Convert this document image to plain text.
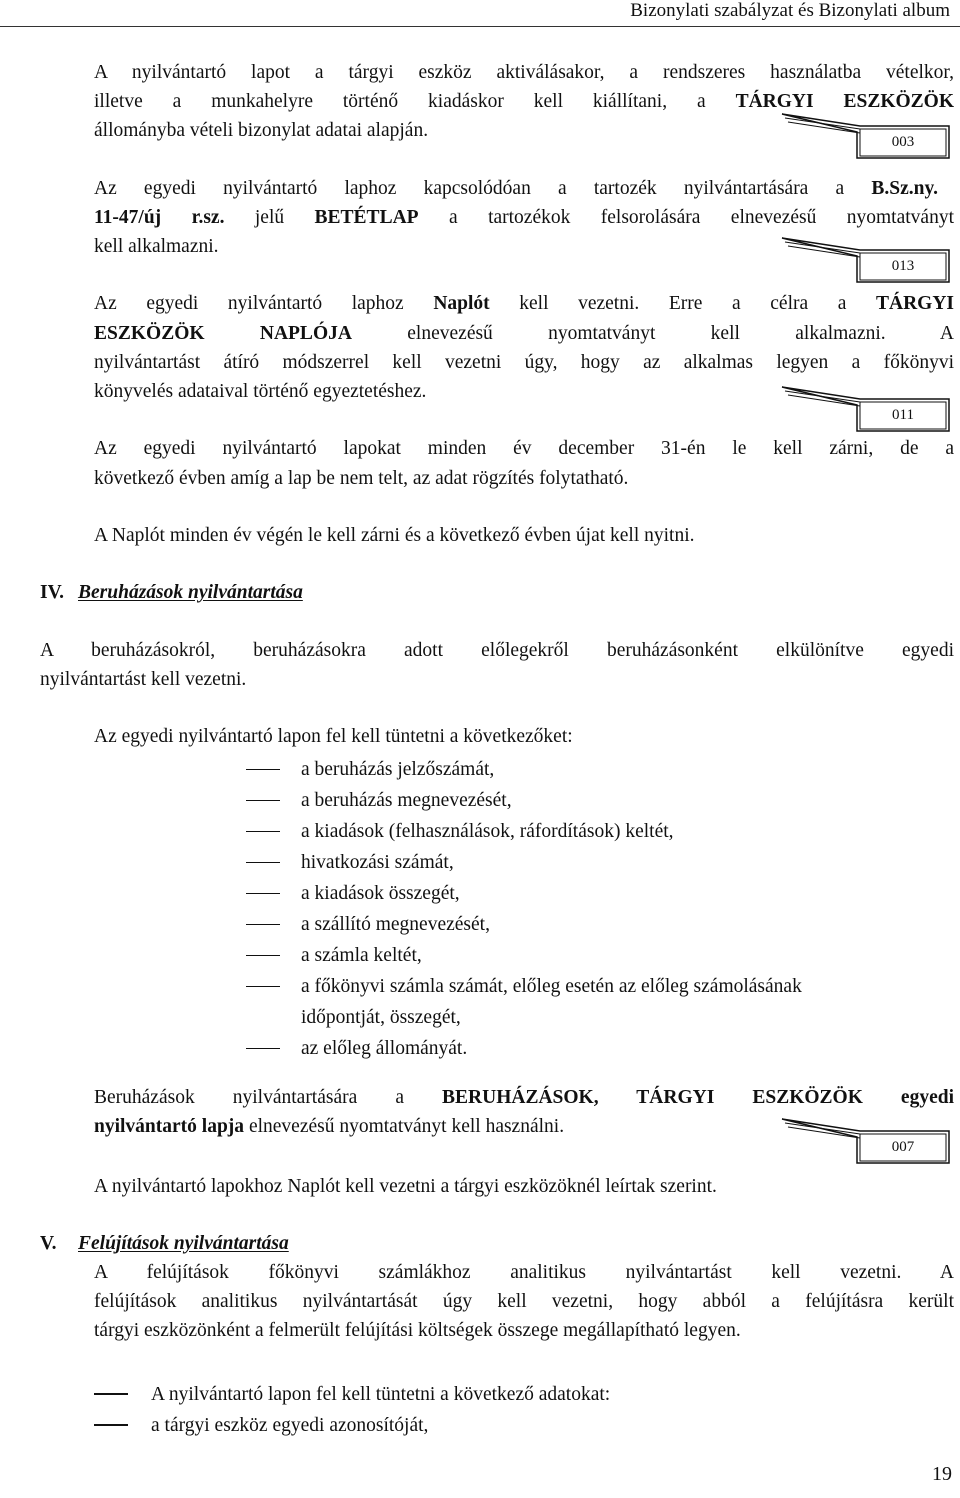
Bizonylati szabályzat és Bizonylati album
A nyilvántartó lapot a tárgyi eszköz aktiválásakor, a rendszeres használatba vételkor,
illetve a munkahelyre történő kiadáskor kell kiállítani, a TÁRGYI ESZKÖZÖK
állományba vételi bizonylat adatai alapján.
003
Az egyedi nyilvántartó laphoz kapcsolódóan a tartozék nyilvántartására a B.Sz.ny.
11-47/új r.sz. jelű BETÉTLAP a tartozékok felsorolására elnevezésű nyomtatványt
kell alkalmazni.
013
Az egyedi nyilvántartó laphoz Naplót kell vezetni. Erre a célra a TÁRGYI
ESZKÖZÖK NAPLÓJA elnevezésű nyomtatványt kell alkalmazni. A
nyilvántartást átíró módszerrel kell vezetni úgy, hogy az alkalmas legyen a főkönyvi
könyvelés adataival történő egyeztetéshez.
011
Az egyedi nyilvántartó lapokat minden év december 31-én le kell zárni, de a
következő évben amíg a lap be nem telt, az adat rögzítés folytatható.
A Naplót minden év végén le kell zárni és a következő évben újat kell nyitni.
IV. Beruházások nyilvántartása
A beruházásokról, beruházásokra adott előlegekről beruházásonként elkülönítve egyedi
nyilvántartást kell vezetni.
Az egyedi nyilvántartó lapon fel kell tüntetni a következőket:
a beruházás jelzőszámát,
a beruházás megnevezését,
a kiadások (felhasználások, ráfordítások) keltét,
hivatkozási számát,
a kiadások összegét,
a szállító megnevezését,
a számla keltét,
a főkönyvi számla számát, előleg esetén az előleg számolásának
időpontját, összegét,
az előleg állományát.
Beruházások nyilvántartására a BERUHÁZÁSOK, TÁRGYI ESZKÖZÖK egyedi
nyilvántartó lapja elnevezésű nyomtatványt kell használni.
007
A nyilvántartó lapokhoz Naplót kell vezetni a tárgyi eszközöknél leírtak szerint.
V. Felújítások nyilvántartása
A felújítások főkönyvi számlákhoz analitikus nyilvántartást kell vezetni. A
felújítások analitikus nyilvántartását úgy kell vezetni, hogy abból a felújításra került
tárgyi eszközönként a felmerült felújítási költségek összege megállapítható legyen.
A nyilvántartó lapon fel kell tüntetni a következő adatokat:
a tárgyi eszköz egyedi azonosítóját,
19
